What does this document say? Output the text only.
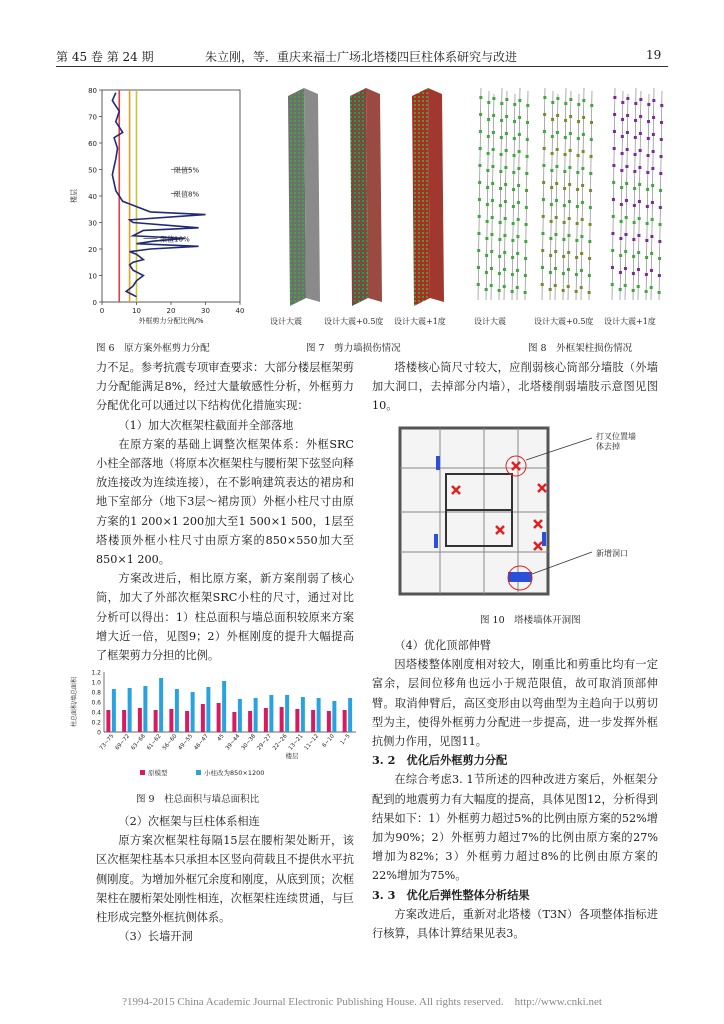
第 45 卷 第 24 期	朱立刚，等．重庆来福士广场北塔楼四巨柱体系研究与改进	19
0
10
20
30
40
50
60
70
80
0	10	20	30	40
楼层
外框剪力分配比例/%
限值5%
限值8%
限值10%
图 6　原方案外框剪力分配
设计大震	设计大震+0.5度 设计大震+1度
图 7　剪力墙损伤情况
设计大震	设计大震+0.5度 设计大震+1度
图 8　外框架柱损伤情况

力不足。参考抗震专项审查要求：大部分楼层框架剪力分配能满足8%，经过大量敏感性分析，外框剪力分配优化可以通过以下结构优化措施实现：

（1）加大次框架柱截面并全部落地

在原方案的基础上调整次框架体系：外框SRC小柱全部落地（将原本次框架柱与腰桁架下弦竖向释放连接改为连续连接），在不影响建筑表达的裙房和地下室部分（地下3层～裙房顶）外框小柱尺寸由原方案的1 200×1 200加大至1 500×1 500，1层至塔楼顶外框小柱尺寸由原方案的850×550加大至850×1 200。

方案改进后，相比原方案，新方案削弱了核心筒，加大了外部次框架SRC小柱的尺寸，通过对比分析可以得出：1）柱总面积与墙总面积较原来方案增大近一倍，见图9；2）外框刚度的提升大幅提高了框架剪力分担的比例。

0
0.2
0.4
0.6
0.8
1.0
1.2
柱总面积/墙总面积
73~75 69~72 63~68 61~62 56~60 49~55 46~47 45 39~44 30~38 29~27 22~26 13~21 11~12 6~10 1~5
楼层
原模型	小柱改为850×1200
图 9　柱总面积与墙总面积比

（2）次框架与巨柱体系相连

原方案次框架柱每隔15层在腰桁架处断开，该区次框架柱基本只承担本区竖向荷载且不提供水平抗侧刚度。为增加外框冗余度和刚度，从底到顶；次框架柱在腰桁架处刚性相连，次框架柱连续贯通，与巨柱形成完整外框抗侧体系。

（3）长墙开洞

塔楼核心筒尺寸较大，应削弱核心筒部分墙肢（外墙加大洞口，去掉部分内墙），北塔楼削弱墙肢示意图见图10。

打叉位置墙体去掉
新增洞口
图 10　塔楼墙体开洞图

（4）优化顶部伸臂

因塔楼整体刚度相对较大，刚重比和剪重比均有一定富余，层间位移角也远小于规范限值，故可取消顶部伸臂。取消伸臂后，高区变形由以弯曲型为主趋向于以剪切型为主，使得外框剪力分配进一步提高，进一步发挥外框抗侧力作用，见图11。

3. 2　优化后外框剪力分配

在综合考虑3. 1节所述的四种改进方案后，外框架分配到的地震剪力有大幅度的提高，具体见图12，分析得到结果如下：1）外框剪力超过5%的比例由原方案的52%增加为90%；2）外框剪力超过7%的比例由原方案的27%增加为82%；3）外框剪力超过8%的比例由原方案的22%增加为75%。

3. 3　优化后弹性整体分析结果

方案改进后，重新对北塔楼（T3N）各项整体指标进行核算，具体计算结果见表3。

?1994-2015 China Academic Journal Electronic Publishing House. All rights reserved.　http://www.cnki.net
